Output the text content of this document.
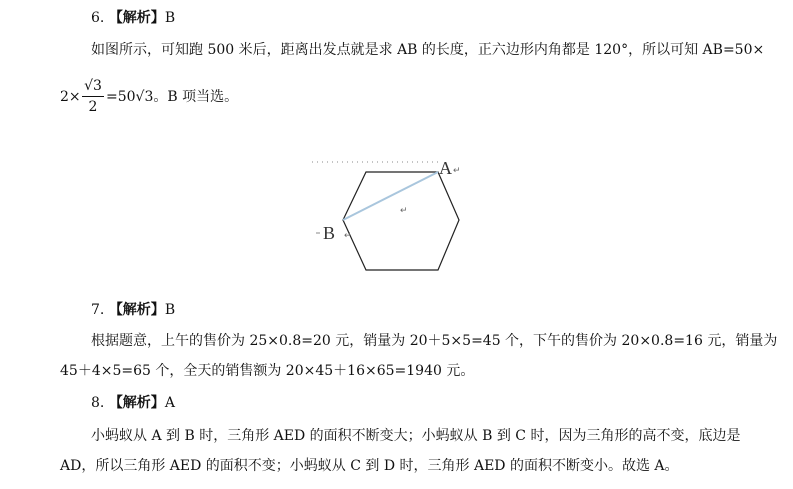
6. 【解析】B
如图所示，可知跑 500 米后，距离出发点就是求 AB 的长度，正六边形内角都是 120°，所以可知 AB=50×
2×
√3
2
=50√3。B 项当选。
A ↵
↵
B ↵
7. 【解析】B
根据题意，上午的售价为 25×0.8=20 元，销量为 20＋5×5=45 个，下午的售价为 20×0.8=16 元，销量为
45＋4×5=65 个，全天的销售额为 20×45＋16×65=1940 元。
8. 【解析】A
小蚂蚁从 A 到 B 时，三角形 AED 的面积不断变大；小蚂蚁从 B 到 C 时，因为三角形的高不变，底边是
AD，所以三角形 AED 的面积不变；小蚂蚁从 C 到 D 时，三角形 AED 的面积不断变小。故选 A。
